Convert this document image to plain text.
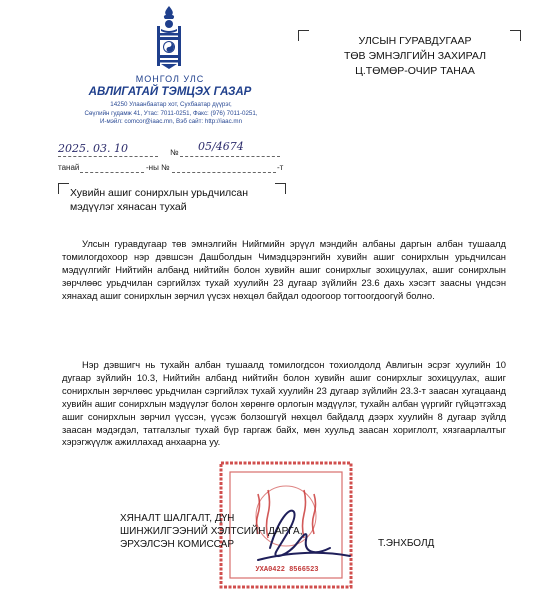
МОНГОЛ УЛС
АВЛИГАТАЙ ТЭМЦЭХ ГАЗАР
14250 Улаанбаатар хот, Сухбаатар дүүрэг,
Сөүлийн гудамж 41, Утас: 7011-0251, Факс: (976) 7011-0251,
И-мэйл: comcor@iaac.mn, Вэб сайт: http://iaac.mn
2025. 03. 10	№ 05/4674
танай	-ны №	-т
УЛСЫН ГУРАВДУГААР
ТӨВ ЭМНЭЛГИЙН ЗАХИРАЛ
Ц.ТӨМӨР-ОЧИР ТАНАА
Хувийн ашиг сонирхлын урьдчилсан
мэдүүлэг хянасан тухай
Улсын гуравдугаар төв эмнэлгийн Нийгмийн эрүүл мэндийн албаны даргын албан тушаалд томилогдохоор нэр дэвшсэн Дашболдын Чимэдцэрэнгийн хувийн ашиг сонирхлын урьдчилсан мэдүүлгийг Нийтийн албанд нийтийн болон хувийн ашиг сонирхлыг зохицуулах, ашиг сонирхлын зөрчлөөс урьдчилан сэргийлэх тухай хуулийн 23 дугаар зүйлийн 23.6 дахь хэсэгт заасны үндсэн хянахад ашиг сонирхлын зөрчил үүсэх нөхцөл байдал одоогоор тогтоогдоогүй болно.
Нэр дэвшигч нь тухайн албан тушаалд томилогдсон тохиолдолд Авлигын эсрэг хуулийн 10 дугаар зүйлийн 10.3, Нийтийн албанд нийтийн болон хувийн ашиг сонирхлыг зохицуулах, ашиг сонирхлын зөрчлөөс урьдчилан сэргийлэх тухай хуулийн 23 дугаар зүйлийн 23.3-т заасан хугацаанд хувийн ашиг сонирхлын мэдүүлэг болон хөрөнгө орлогын мэдүүлэг, тухайн албан үүргийг гүйцэтгэхэд ашиг сонирхлын зөрчил үүссэн, үүсэж болзошгүй нөхцөл байдалд дээрх хуулийн 8 дугаар зүйлд заасан мэдэгдэл, татгалзлыг тухай бүр гаргаж байх, мөн хуульд заасан хориглолт, хязгаарлалтыг хэрэгжүүлж ажиллахад анхаарна уу.
УХА0422 8566523
ХЯНАЛТ ШАЛГАЛТ, ДҮН
ШИНЖИЛГЭЭНИЙ ХЭЛТСИЙН ДАРГА,
ЭРХЭЛСЭН КОМИССАР	Т.ЭНХБОЛД
